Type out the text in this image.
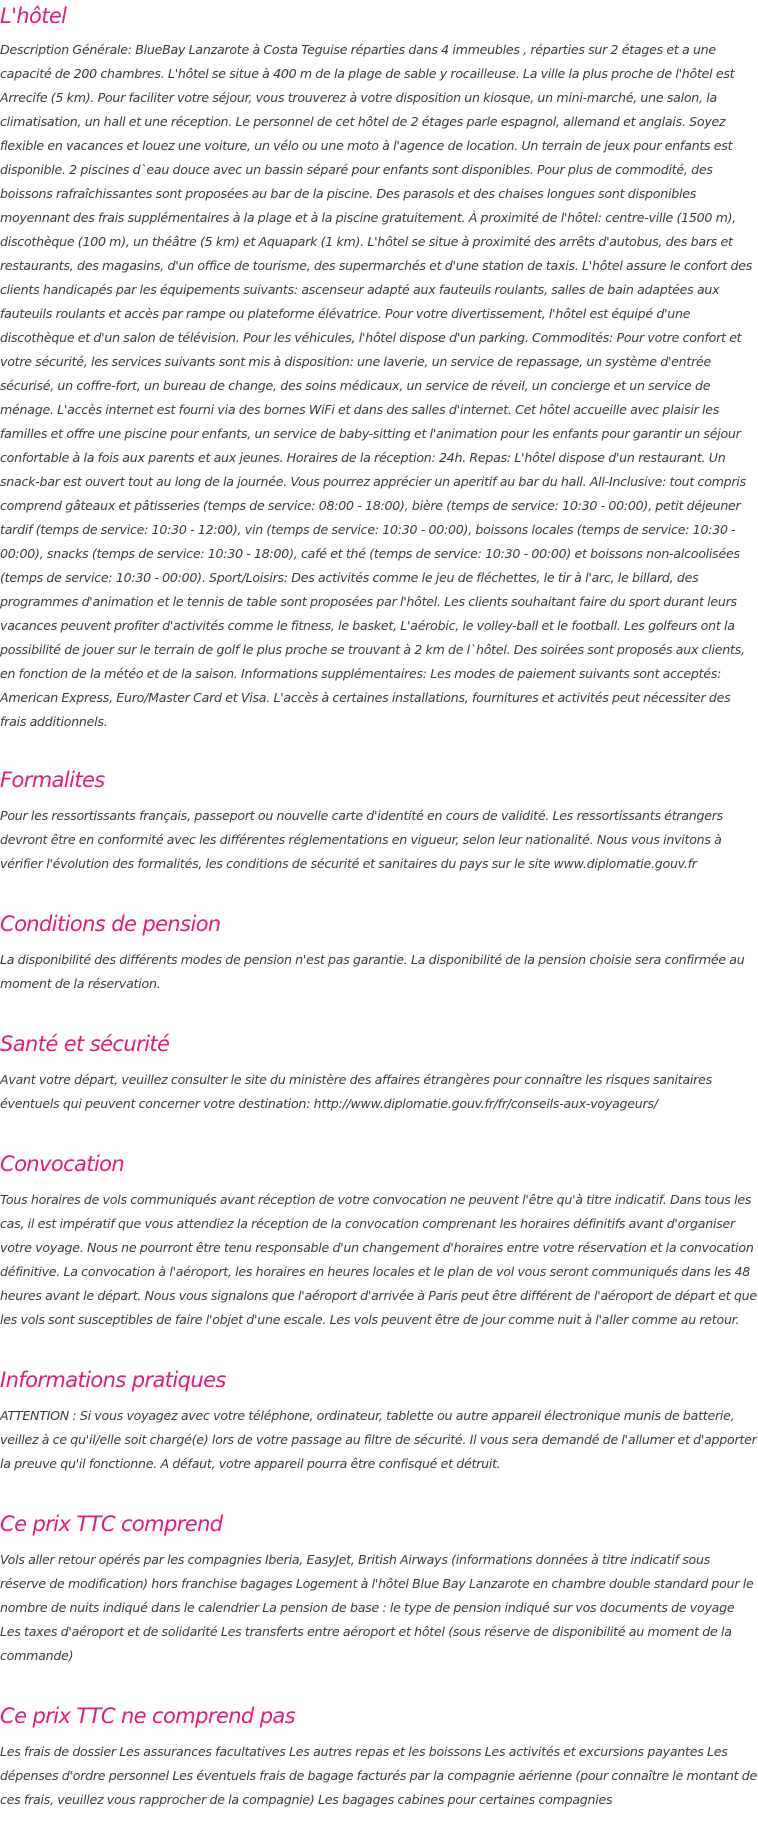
L'hôtel

Description Générale: BlueBay Lanzarote à Costa Teguise réparties dans 4 immeubles , réparties sur 2 étages et a une capacité de 200 chambres. L'hôtel se situe à 400 m de la plage de sable y rocailleuse. La ville la plus proche de l'hôtel est Arrecife (5 km). Pour faciliter votre séjour, vous trouverez à votre disposition un kiosque, un mini-marché, une salon, la climatisation, un hall et une réception. Le personnel de cet hôtel de 2 étages parle espagnol, allemand et anglais. Soyez flexible en vacances et louez une voiture, un vélo ou une moto à l'agence de location. Un terrain de jeux pour enfants est disponible. 2 piscines d`eau douce avec un bassin séparé pour enfants sont disponibles. Pour plus de commodité, des boissons rafraîchissantes sont proposées au bar de la piscine. Des parasols et des chaises longues sont disponibles moyennant des frais supplémentaires à la plage et à la piscine gratuitement. À proximité de l'hôtel: centre-ville (1500 m), discothèque (100 m), un théâtre (5 km) et Aquapark (1 km). L'hôtel se situe à proximité des arrêts d'autobus, des bars et restaurants, des magasins, d'un office de tourisme, des supermarchés et d'une station de taxis. L'hôtel assure le confort des clients handicapés par les équipements suivants: ascenseur adapté aux fauteuils roulants, salles de bain adaptées aux fauteuils roulants et accès par rampe ou plateforme élévatrice. Pour votre divertissement, l'hôtel est équipé d'une discothèque et d'un salon de télévision. Pour les véhicules, l'hôtel dispose d'un parking. Commodités: Pour votre confort et votre sécurité, les services suivants sont mis à disposition: une laverie, un service de repassage, un système d'entrée sécurisé, un coffre-fort, un bureau de change, des soins médicaux, un service de réveil, un concierge et un service de ménage. L'accès internet est fourni via des bornes WiFi et dans des salles d'internet. Cet hôtel accueille avec plaisir les familles et offre une piscine pour enfants, un service de baby-sitting et l'animation pour les enfants pour garantir un séjour confortable à la fois aux parents et aux jeunes. Horaires de la réception: 24h. Repas: L'hôtel dispose d'un restaurant. Un snack-bar est ouvert tout au long de la journée. Vous pourrez apprécier un aperitif au bar du hall. All-Inclusive: tout compris comprend gâteaux et pâtisseries (temps de service: 08:00 - 18:00), bière (temps de service: 10:30 - 00:00), petit déjeuner tardif (temps de service: 10:30 - 12:00), vin (temps de service: 10:30 - 00:00), boissons locales (temps de service: 10:30 - 00:00), snacks (temps de service: 10:30 - 18:00), café et thé (temps de service: 10:30 - 00:00) et boissons non-alcoolisées (temps de service: 10:30 - 00:00). Sport/Loisirs: Des activités comme le jeu de fléchettes, le tir à l'arc, le billard, des programmes d'animation et le tennis de table sont proposées par l'hôtel. Les clients souhaitant faire du sport durant leurs vacances peuvent profiter d'activités comme le fitness, le basket, L'aérobic, le volley-ball et le football. Les golfeurs ont la possibilité de jouer sur le terrain de golf le plus proche se trouvant à 2 km de l`hôtel. Des soirées sont proposés aux clients, en fonction de la météo et de la saison. Informations supplémentaires: Les modes de paiement suivants sont acceptés: American Express, Euro/Master Card et Visa. L'accès à certaines installations, fournitures et activités peut nécessiter des frais additionnels.

Formalites

Pour les ressortissants français, passeport ou nouvelle carte d'identité en cours de validité. Les ressortissants étrangers devront être en conformité avec les différentes réglementations en vigueur, selon leur nationalité. Nous vous invitons à vérifier l'évolution des formalités, les conditions de sécurité et sanitaires du pays sur le site www.diplomatie.gouv.fr

Conditions de pension

La disponibilité des différents modes de pension n'est pas garantie. La disponibilité de la pension choisie sera confirmée au moment de la réservation.

Santé et sécurité

Avant votre départ, veuillez consulter le site du ministère des affaires étrangères pour connaître les risques sanitaires éventuels qui peuvent concerner votre destination: http://www.diplomatie.gouv.fr/fr/conseils-aux-voyageurs/

Convocation

Tous horaires de vols communiqués avant réception de votre convocation ne peuvent l'être qu'à titre indicatif. Dans tous les cas, il est impératif que vous attendiez la réception de la convocation comprenant les horaires définitifs avant d'organiser votre voyage. Nous ne pourront être tenu responsable d'un changement d'horaires entre votre réservation et la convocation définitive. La convocation à l'aéroport, les horaires en heures locales et le plan de vol vous seront communiqués dans les 48 heures avant le départ. Nous vous signalons que l'aéroport d'arrivée à Paris peut être différent de l'aéroport de départ et que les vols sont susceptibles de faire l'objet d'une escale. Les vols peuvent être de jour comme nuit à l'aller comme au retour.

Informations pratiques

ATTENTION : Si vous voyagez avec votre téléphone, ordinateur, tablette ou autre appareil électronique munis de batterie, veillez à ce qu'il/elle soit chargé(e) lors de votre passage au filtre de sécurité. Il vous sera demandé de l'allumer et d'apporter la preuve qu'il fonctionne. A défaut, votre appareil pourra être confisqué et détruit.

Ce prix TTC comprend

Vols aller retour opérés par les compagnies Iberia, EasyJet, British Airways (informations données à titre indicatif sous réserve de modification) hors franchise bagages Logement à l'hôtel Blue Bay Lanzarote en chambre double standard pour le nombre de nuits indiqué dans le calendrier La pension de base : le type de pension indiqué sur vos documents de voyage Les taxes d'aéroport et de solidarité Les transferts entre aéroport et hôtel (sous réserve de disponibilité au moment de la commande)

Ce prix TTC ne comprend pas

Les frais de dossier Les assurances facultatives Les autres repas et les boissons Les activités et excursions payantes Les dépenses d'ordre personnel Les éventuels frais de bagage facturés par la compagnie aérienne (pour connaître le montant de ces frais, veuillez vous rapprocher de la compagnie) Les bagages cabines pour certaines compagnies
